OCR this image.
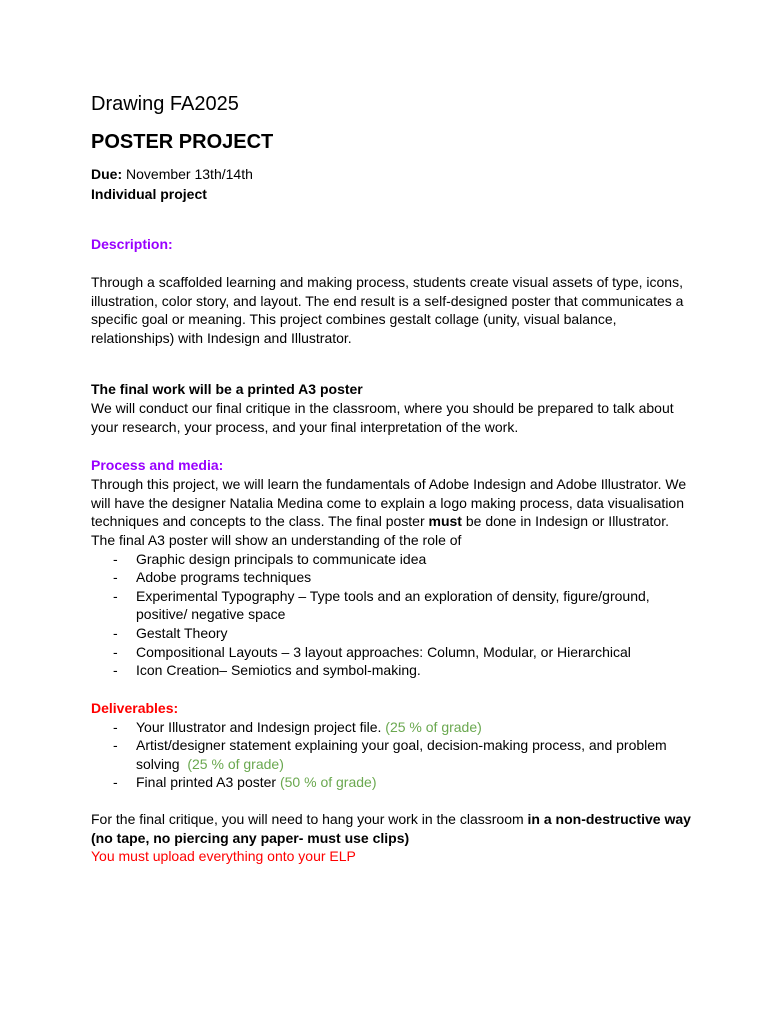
Drawing FA2025
POSTER PROJECT
Due: November 13th/14th
Individual project
Description:

Through a scaffolded learning and making process, students create visual assets of type, icons, illustration, color story, and layout. The end result is a self-designed poster that communicates a specific goal or meaning. This project combines gestalt collage (unity, visual balance, relationships) with Indesign and Illustrator.

The final work will be a printed A3 poster

We will conduct our final critique in the classroom, where you should be prepared to talk about your research, your process, and your final interpretation of the work.

Process and media:

Through this project, we will learn the fundamentals of Adobe Indesign and Adobe Illustrator. We will have the designer Natalia Medina come to explain a logo making process, data visualisation techniques and concepts to the class. The final poster must be done in Indesign or Illustrator.

The final A3 poster will show an understanding of the role of

- Graphic design principals to communicate idea
- Adobe programs techniques
- Experimental Typography – Type tools and an exploration of density, figure/ground, positive/ negative space
- Gestalt Theory
- Compositional Layouts – 3 layout approaches: Column, Modular, or Hierarchical
- Icon Creation– Semiotics and symbol-making.
Deliverables:
- Your Illustrator and Indesign project file. (25 % of grade)
- Artist/designer statement explaining your goal, decision-making process, and problem solving  (25 % of grade)
- Final printed A3 poster (50 % of grade)

For the final critique, you will need to hang your work in the classroom in a non-destructive way (no tape, no piercing any paper- must use clips)

You must upload everything onto your ELP
